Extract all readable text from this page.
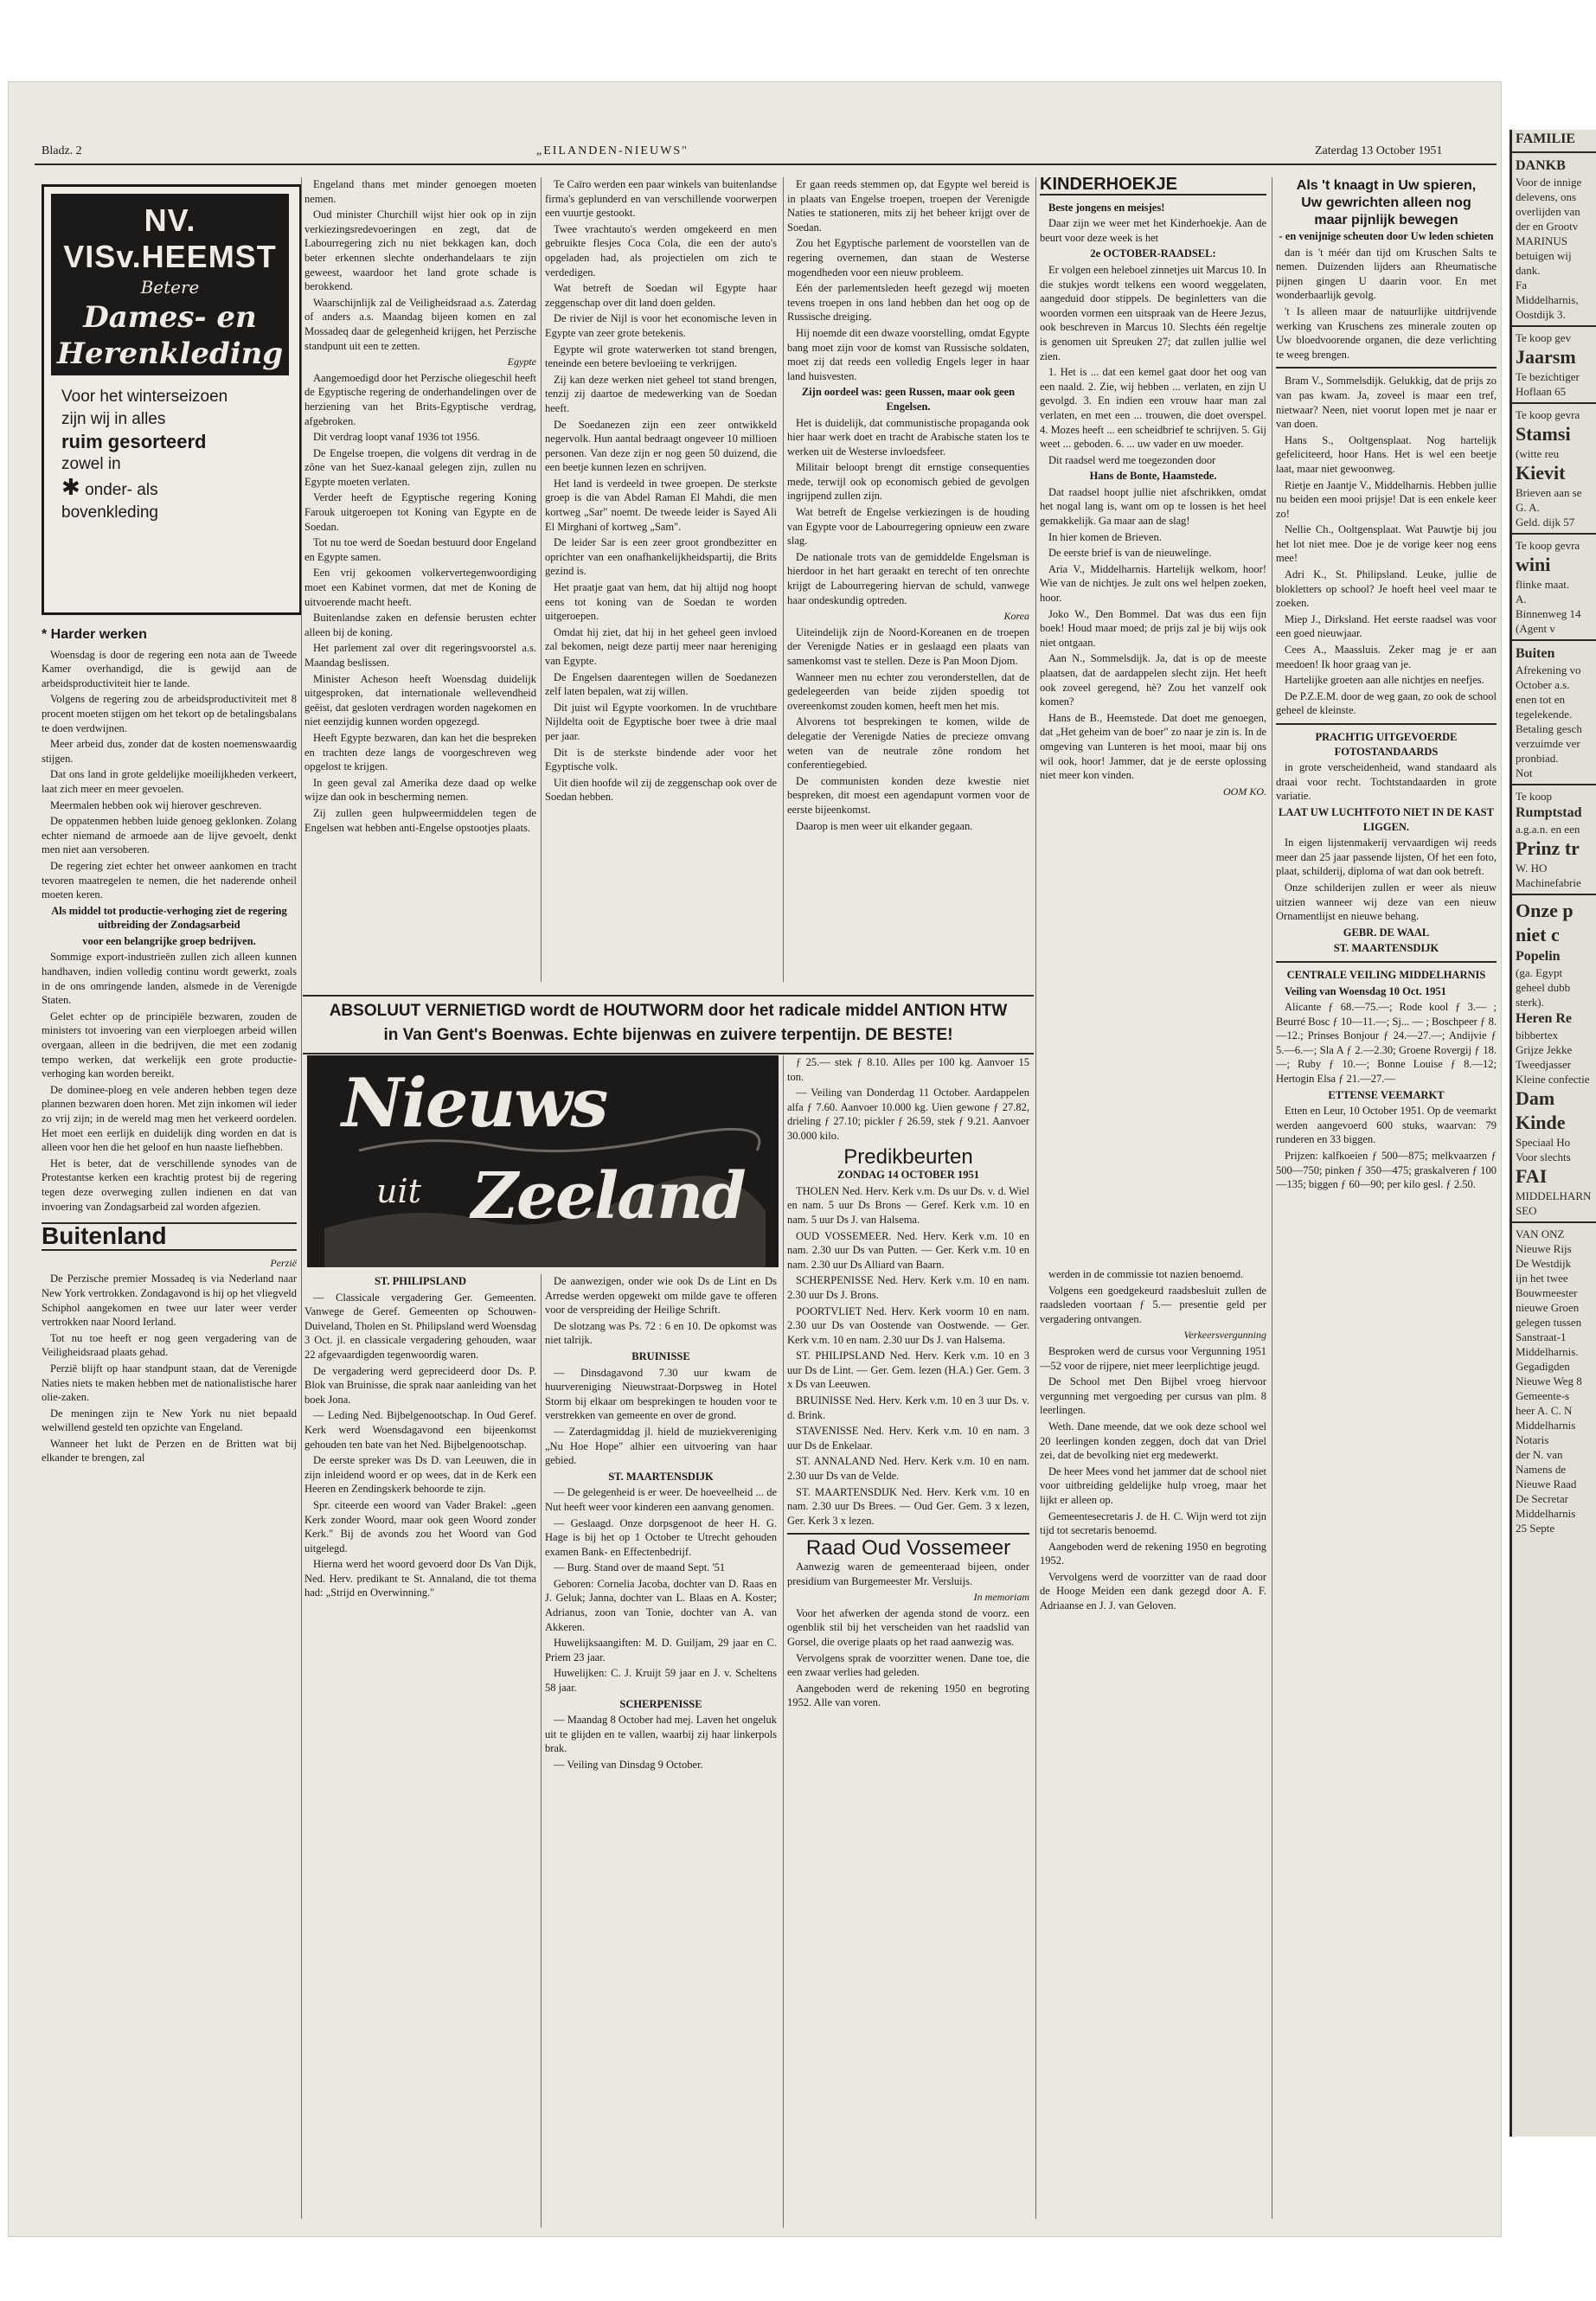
Bladz. 2	„EILANDEN-NIEUWS"	Zaterdag 13 October 1951
NV. VISv.HEEMST
Betere
Dames- en
Herenkleding
MIDDELHARNIS TEL. 74
Voor het winterseizoen
zijn wij in alles
ruim gesorteerd
zowel in
✱ onder- als
bovenkleding
* Harder werken

Woensdag is door de regering een nota aan de Tweede Kamer overhandigd, die is gewijd aan de arbeidsproductiviteit hier te lande.

Volgens de regering zou de arbeidsproductiviteit met 8 procent moeten stijgen om het tekort op de betalingsbalans te doen verdwijnen.

Meer arbeid dus, zonder dat de kosten noemenswaardig stijgen.

Dat ons land in grote geldelijke moeilijkheden verkeert, laat zich meer en meer gevoelen.

Meermalen hebben ook wij hierover geschreven.

De oppatenmen hebben luide genoeg geklonken. Zolang echter niemand de armoede aan de lijve gevoelt, denkt men niet aan versoberen.

De regering ziet echter het onweer aankomen en tracht tevoren maatregelen te nemen, die het naderende onheil moeten keren.

Als middel tot productie-verhoging ziet de regering uitbreiding der Zondagsarbeid

voor een belangrijke groep bedrijven.

Sommige export-industrieën zullen zich alleen kunnen handhaven, indien volledig continu wordt gewerkt, zoals in de ons omringende landen, alsmede in de Verenigde Staten.

Gelet echter op de principiële bezwaren, zouden de ministers tot invoering van een vierploegen arbeid willen overgaan, alleen in die bedrijven, die met een zodanig tempo werken, dat werkelijk een grote productie-verhoging kan worden bereikt.

De dominee-ploeg en vele anderen hebben tegen deze plannen bezwaren doen horen. Met zijn inkomen wil ieder zo vrij zijn; in de wereld mag men het verkeerd oordelen. Het moet een eerlijk en duidelijk ding worden en dat is alleen voor hen die het geloof en hun naaste liefhebben.

Het is beter, dat de verschillende synodes van de Protestantse kerken een krachtig protest bij de regering tegen deze overweging zullen indienen en dat van invoering van Zondagsarbeid zal worden afgezien.

Buitenland
Perzië

De Perzische premier Mossadeq is via Nederland naar New York vertrokken. Zondagavond is hij op het vliegveld Schiphol aangekomen en twee uur later weer verder vertrokken naar Noord Ierland.

Tot nu toe heeft er nog geen vergadering van de Veiligheidsraad plaats gehad.

Perzië blijft op haar standpunt staan, dat de Verenigde Naties niets te maken hebben met de nationalistische harer olie-zaken.

De meningen zijn te New York nu niet bepaald welwillend gesteld ten opzichte van Engeland.

Wanneer het lukt de Perzen en de Britten wat bij elkander te brengen, zal

Engeland thans met minder genoegen moeten nemen.

Oud minister Churchill wijst hier ook op in zijn verkiezingsredevoeringen en zegt, dat de Labourregering zich nu niet bekkagen kan, doch beter erkennen slechte onderhandelaars te zijn geweest, waardoor het land grote schade is berokkend.

Waarschijnlijk zal de Veiligheidsraad a.s. Zaterdag of anders a.s. Maandag bijeen komen en zal Mossadeq daar de gelegenheid krijgen, het Perzische standpunt uit een te zetten.

Egypte

Aangemoedigd door het Perzische oliegeschil heeft de Egyptische regering de onderhandelingen over de herziening van het Brits-Egyptische verdrag, afgebroken.

Dit verdrag loopt vanaf 1936 tot 1956.

De Engelse troepen, die volgens dit verdrag in de zône van het Suez-kanaal gelegen zijn, zullen nu Egypte moeten verlaten.

Verder heeft de Egyptische regering Koning Farouk uitgeroepen tot Koning van Egypte en de Soedan.

Tot nu toe werd de Soedan bestuurd door Engeland en Egypte samen.

Een vrij gekoomen volkervertegenwoordiging moet een Kabinet vormen, dat met de Koning de uitvoerende macht heeft.

Buitenlandse zaken en defensie berusten echter alleen bij de koning.

Het parlement zal over dit regeringsvoorstel a.s. Maandag beslissen.

Minister Acheson heeft Woensdag duidelijk uitgesproken, dat internationale wellevendheid geëist, dat gesloten verdragen worden nagekomen en niet eenzijdig kunnen worden opgezegd.

Heeft Egypte bezwaren, dan kan het die bespreken en trachten deze langs de voorgeschreven weg opgelost te krijgen.

In geen geval zal Amerika deze daad op welke wijze dan ook in bescherming nemen.

Zij zullen geen hulpweermiddelen tegen de Engelsen wat hebben anti-Engelse opstootjes plaats.

Te Caïro werden een paar winkels van buitenlandse firma's geplunderd en van verschillende voorwerpen een vuurtje gestookt.

Twee vrachtauto's werden omgekeerd en men gebruikte flesjes Coca Cola, die een der auto's opgeladen had, als projectielen om zich te verdedigen.

Wat betreft de Soedan wil Egypte haar zeggenschap over dit land doen gelden.

De rivier de Nijl is voor het economische leven in Egypte van zeer grote betekenis.

Egypte wil grote waterwerken tot stand brengen, teneinde een betere bevloeiing te verkrijgen.

Zij kan deze werken niet geheel tot stand brengen, tenzij zij daartoe de medewerking van de Soedan heeft.

De Soedanezen zijn een zeer ontwikkeld negervolk. Hun aantal bedraagt ongeveer 10 millioen personen. Van deze zijn er nog geen 50 duizend, die een beetje kunnen lezen en schrijven.

Het land is verdeeld in twee groepen. De sterkste groep is die van Abdel Raman El Mahdi, die men kortweg „Sar" noemt. De tweede leider is Sayed Ali El Mirghani of kortweg „Sam".

De leider Sar is een zeer groot grondbezitter en oprichter van een onafhankelijkheidspartij, die Brits gezind is.

Het praatje gaat van hem, dat hij altijd nog hoopt eens tot koning van de Soedan te worden uitgeroepen.

Omdat hij ziet, dat hij in het geheel geen invloed zal bekomen, neigt deze partij meer naar hereniging van Egypte.

De Engelsen daarentegen willen de Soedanezen zelf laten bepalen, wat zij willen.

Dit juist wil Egypte voorkomen. In de vruchtbare Nijldelta ooit de Egyptische boer twee à drie maal per jaar.

Dit is de sterkste bindende ader voor het Egyptische volk.

Uit dien hoofde wil zij de zeggenschap ook over de Soedan hebben.

Er gaan reeds stemmen op, dat Egypte wel bereid is in plaats van Engelse troepen, troepen der Verenigde Naties te stationeren, mits zij het beheer krijgt over de Soedan.

Zou het Egyptische parlement de voorstellen van de regering overnemen, dan staan de Westerse mogendheden voor een nieuw probleem.

Eén der parlementsleden heeft gezegd wij moeten tevens troepen in ons land hebben dan het oog op de Russische dreiging.

Hij noemde dit een dwaze voorstelling, omdat Egypte bang moet zijn voor de komst van Russische soldaten, moet zij dat reeds een volledig Engels leger in haar land huisvesten.

Zijn oordeel was: geen Russen, maar ook geen Engelsen.

Het is duidelijk, dat communistische propaganda ook hier haar werk doet en tracht de Arabische staten los te werken uit de Westerse invloedsfeer.

Militair beloopt brengt dit ernstige consequenties mede, terwijl ook op economisch gebied de gevolgen ingrijpend zullen zijn.

Wat betreft de Engelse verkiezingen is de houding van Egypte voor de Labourregering opnieuw een zware slag.

De nationale trots van de gemiddelde Engelsman is hierdoor in het hart geraakt en terecht of ten onrechte krijgt de Labourregering hiervan de schuld, vanwege haar ondeskundig optreden.

Korea

Uiteindelijk zijn de Noord-Koreanen en de troepen der Verenigde Naties er in geslaagd een plaats van samenkomst vast te stellen. Deze is Pan Moon Djom.

Wanneer men nu echter zou veronderstellen, dat de gedelegeerden van beide zijden spoedig tot overeenkomst zouden komen, heeft men het mis.

Alvorens tot besprekingen te komen, wilde de delegatie der Verenigde Naties de precieze omvang weten van de neutrale zône rondom het conferentiegebied.

De communisten konden deze kwestie niet bespreken, dit moest een agendapunt vormen voor de eerste bijeenkomst.

Daarop is men weer uit elkander gegaan.

KINDERHOEKJE

Beste jongens en meisjes!

Daar zijn we weer met het Kinderhoekje. Aan de beurt voor deze week is het

2e OCTOBER-RAADSEL:

Er volgen een heleboel zinnetjes uit Marcus 10. In die stukjes wordt telkens een woord weggelaten, aangeduid door stippels. De beginletters van die woorden vormen een uitspraak van de Heere Jezus, ook beschreven in Marcus 10. Slechts één regeltje is genomen uit Spreuken 27; dat zullen jullie wel zien.

1. Het is ... dat een kemel gaat door het oog van een naald. 2. Zie, wij hebben ... verlaten, en zijn U gevolgd. 3. En indien een vrouw haar man zal verlaten, en met een ... trouwen, die doet overspel. 4. Mozes heeft ... een scheidbrief te schrijven. 5. Gij weet ... geboden. 6. ... uw vader en uw moeder.

Dit raadsel werd me toegezonden door

Hans de Bonte, Haamstede.

Dat raadsel hoopt jullie niet afschrikken, omdat het nogal lang is, want om op te lossen is het heel gemakkelijk. Ga maar aan de slag!

In hier komen de Brieven.

De eerste brief is van de nieuwelinge.

Aria V., Middelharnis. Hartelijk welkom, hoor! Wie van de nichtjes. Je zult ons wel helpen zoeken, hoor.

Joko W., Den Bommel. Dat was dus een fijn boek! Houd maar moed; de prijs zal je bij wijs ook niet ontgaan.

Aan N., Sommelsdijk. Ja, dat is op de meeste plaatsen, dat de aardappelen slecht zijn. Het heeft ook zoveel geregend, hè? Zou het vanzelf ook komen?

Hans de B., Heemstede. Dat doet me genoegen, dat „Het geheim van de boer" zo naar je zin is. In de omgeving van Lunteren is het mooi, maar bij ons wil ook, hoor! Jammer, dat je de eerste oplossing niet meer kon vinden.

OOM KO.
Als 't knaagt in Uw spieren,
Uw gewrichten alleen nog
maar pijnlijk bewegen

- en venijnige scheuten door Uw leden schieten

dan is 't méér dan tijd om Kruschen Salts te nemen. Duizenden lijders aan Rheumatische pijnen gingen U daarin voor. En met wonderbaarlijk gevolg.

't Is alleen maar de natuurlijke uitdrijvende werking van Kruschens zes minerale zouten op Uw bloedvoorende organen, die deze verlichting te weeg brengen.

Bram V., Sommelsdijk. Gelukkig, dat de prijs zo van pas kwam. Ja, zoveel is maar een tref, nietwaar? Neen, niet voorut lopen met je naar er van doen.

Hans S., Ooltgensplaat. Nog hartelijk gefeliciteerd, hoor Hans. Het is wel een beetje laat, maar niet gewoonweg.

Rietje en Jaantje V., Middelharnis. Hebben jullie nu beiden een mooi prijsje! Dat is een enkele keer zo!

Nellie Ch., Ooltgensplaat. Wat Pauwtje bij jou het lot niet mee. Doe je de vorige keer nog eens mee!

Adri K., St. Philipsland. Leuke, jullie de blokletters op school? Je hoeft heel veel maar te zoeken.

Miep J., Dirksland. Het eerste raadsel was voor een goed nieuwjaar.

Cees A., Maassluis. Zeker mag je er aan meedoen! Ik hoor graag van je.

Hartelijke groeten aan alle nichtjes en neefjes.

De P.Z.E.M. door de weg gaan, zo ook de school geheel de kleinste.

PRACHTIG UITGEVOERDE FOTOSTANDAARDS

in grote verscheidenheid, wand standaard als draai voor recht. Tochtstandaarden in grote variatie.

LAAT UW LUCHTFOTO NIET IN DE KAST LIGGEN.

In eigen lijstenmakerij vervaardigen wij reeds meer dan 25 jaar passende lijsten, Of het een foto, plaat, schilderij, diploma of wat dan ook betreft.

Onze schilderijen zullen er weer als nieuw uitzien wanneer wij deze van een nieuw Ornamentlijst en nieuwe behang.

GEBR. DE WAAL

ST. MAARTENSDIJK

CENTRALE VEILING MIDDELHARNIS

Veiling van Woensdag 10 Oct. 1951

Alicante ƒ 68.—75.—; Rode kool ƒ 3.— ; Beurré Bosc ƒ 10—11.—; Sj... — ; Boschpeer ƒ 8.—12.; Prinses Bonjour ƒ 24.—27.—; Andijvie ƒ 5.—6.—; Sla A ƒ 2.—2.30; Groene Rovergij ƒ 18.—; Ruby ƒ 10.—; Bonne Louise ƒ 8.—12; Hertogin Elsa ƒ 21.—27.—

ETTENSE VEEMARKT

Etten en Leur, 10 October 1951. Op de veemarkt werden aangevoerd 600 stuks, waarvan: 79 runderen en 33 biggen.

Prijzen: kalfkoeien ƒ 500—875; melkvaarzen ƒ 500—750; pinken ƒ 350—475; graskalveren ƒ 100—135; biggen ƒ 60—90; per kilo gesl. ƒ 2.50.

ABSOLUUT VERNIETIGD wordt de HOUTWORM door het radicale middel ANTION HTW
in Van Gent's Boenwas. Echte bijenwas en zuivere terpentijn. DE BESTE!
Nieuws
uit Zeeland

ST. PHILIPSLAND

— Classicale vergadering Ger. Gemeenten. Vanwege de Geref. Gemeenten op Schouwen-Duiveland, Tholen en St. Philipsland werd Woensdag 3 Oct. jl. en classicale vergadering gehouden, waar 22 afgevaardigden tegenwoordig waren.

De vergadering werd geprecideerd door Ds. P. Blok van Bruinisse, die sprak naar aanleiding van het boek Jona.

— Leding Ned. Bijbelgenootschap. In Oud Geref. Kerk werd Woensdagavond een bijeenkomst gehouden ten bate van het Ned. Bijbelgenootschap.

De eerste spreker was Ds D. van Leeuwen, die in zijn inleidend woord er op wees, dat in de Kerk een Heeren en Zendingskerk behoorde te zijn.

Spr. citeerde een woord van Vader Brakel: „geen Kerk zonder Woord, maar ook geen Woord zonder Kerk." Bij de avonds zou het Woord van God uitgelegd.

Hierna werd het woord gevoerd door Ds Van Dijk, Ned. Herv. predikant te St. Annaland, die tot thema had: „Strijd en Overwinning."

De aanwezigen, onder wie ook Ds de Lint en Ds Arredse werden opgewekt om milde gave te offeren voor de verspreiding der Heilige Schrift.

De slotzang was Ps. 72 : 6 en 10. De opkomst was niet talrijk.

BRUINISSE

— Dinsdagavond 7.30 uur kwam de huurvereniging Nieuwstraat-Dorpsweg in Hotel Storm bij elkaar om besprekingen te houden voor te verstrekken van gemeente en over de grond.

— Zaterdagmiddag jl. hield de muziekvereniging „Nu Hoe Hope" alhier een uitvoering van haar gebied.

ST. MAARTENSDIJK

— De gelegenheid is er weer. De hoeveelheid ... de Nut heeft weer voor kinderen een aanvang genomen.

— Geslaagd. Onze dorpsgenoot de heer H. G. Hage is bij het op 1 October te Utrecht gehouden examen Bank- en Effectenbedrijf.

— Burg. Stand over de maand Sept. '51

Geboren: Cornelia Jacoba, dochter van D. Raas en J. Geluk; Janna, dochter van L. Blaas en A. Koster; Adrianus, zoon van Tonie, dochter van A. van Akkeren.

Huwelijksaangiften: M. D. Guiljam, 29 jaar en C. Priem 23 jaar.

Huwelijken: C. J. Kruijt 59 jaar en J. v. Scheltens 58 jaar.

SCHERPENISSE

— Maandag 8 October had mej. Laven het ongeluk uit te glijden en te vallen, waarbij zij haar linkerpols brak.

— Veiling van Dinsdag 9 October.

ƒ 25.— stek ƒ 8.10. Alles per 100 kg. Aanvoer 15 ton.

— Veiling van Donderdag 11 October. Aardappelen alfa ƒ 7.60. Aanvoer 10.000 kg. Uien gewone ƒ 27.82, drieling ƒ 27.10; pickler ƒ 26.59, stek ƒ 9.21. Aanvoer 30.000 kilo.

Predikbeurten

ZONDAG 14 OCTOBER 1951

THOLEN Ned. Herv. Kerk v.m. Ds uur Ds. v. d. Wiel en nam. 5 uur Ds Brons — Geref. Kerk v.m. 10 en nam. 5 uur Ds J. van Halsema.

OUD VOSSEMEER. Ned. Herv. Kerk v.m. 10 en nam. 2.30 uur Ds van Putten. — Ger. Kerk v.m. 10 en nam. 2.30 uur Ds Alliard van Baarn.

SCHERPENISSE Ned. Herv. Kerk v.m. 10 en nam. 2.30 uur Ds J. Brons.

POORTVLIET Ned. Herv. Kerk voorm 10 en nam. 2.30 uur Ds van Oostende van Oostwende. — Ger. Kerk v.m. 10 en nam. 2.30 uur Ds J. van Halsema.

ST. PHILIPSLAND Ned. Herv. Kerk v.m. 10 en 3 uur Ds de Lint. — Ger. Gem. lezen (H.A.) Ger. Gem. 3 x Ds van Leeuwen.

BRUINISSE Ned. Herv. Kerk v.m. 10 en 3 uur Ds. v. d. Brink.

STAVENISSE Ned. Herv. Kerk v.m. 10 en nam. 3 uur Ds de Enkelaar.

ST. ANNALAND Ned. Herv. Kerk v.m. 10 en nam. 2.30 uur Ds van de Velde.

ST. MAARTENSDIJK Ned. Herv. Kerk v.m. 10 en nam. 2.30 uur Ds Brees. — Oud Ger. Gem. 3 x lezen, Ger. Kerk 3 x lezen.

Raad Oud Vossemeer

Aanwezig waren de gemeenteraad bijeen, onder presidium van Burgemeester Mr. Versluijs.

In memoriam

Voor het afwerken der agenda stond de voorz. een ogenblik stil bij het verscheiden van het raadslid van Gorsel, die overige plaats op het raad aanwezig was.

Vervolgens sprak de voorzitter wenen. Dane toe, die een zwaar verlies had geleden.

Aangeboden werd de rekening 1950 en begroting 1952. Alle van voren.

werden in de commissie tot nazien benoemd.

Volgens een goedgekeurd raadsbesluit zullen de raadsleden voortaan ƒ 5.— presentie geld per vergadering ontvangen.

Verkeersvergunning

Besproken werd de cursus voor Vergunning 1951—52 voor de rijpere, niet meer leerplichtige jeugd.

De School met Den Bijbel vroeg hiervoor vergunning met vergoeding per cursus van plm. 8 leerlingen.

Weth. Dane meende, dat we ook deze school wel 20 leerlingen konden zeggen, doch dat van Driel zei, dat de bevolking niet erg medewerkt.

De heer Mees vond het jammer dat de school niet voor uitbreiding geldelijke hulp vroeg, maar het lijkt er alleen op.

Gemeentesecretaris J. de H. C. Wijn werd tot zijn tijd tot secretaris benoemd.

Aangeboden werd de rekening 1950 en begroting 1952.

Vervolgens werd de voorzitter van de raad door de Hooge Meiden een dank gezegd door A. F. Adriaanse en J. J. van Geloven.

FAMILIE
DANKB
Voor de innige
delevens, ons
overlijden van
der en Grootv
MARINUS
betuigen wij
dank.
Fa
Middelharnis,
Oostdijk 3.
Te koop gev
Jaarsm
Te bezichtiger
Hoflaan 65
Te koop gevra
Stamsi
(witte reu
Kievit
Brieven aan se
G. A.
Geld. dijk 57
Te koop gevra
wini
flinke maat.
A.
Binnenweg 14
(Agent v
Buiten
Afrekening vo
October a.s.
enen tot en
tegelekende.
Betaling gesch
verzuimde ver
pronbiad.
Not
Te koop
Rumptstad
a.g.a.n. en een
Prinz tr
W. HO
Machinefabrie
Onze p
niet c
Popelin
(ga. Egypt
geheel dubb
sterk).
Heren Re
bibbertex
Grijze Jekke
Tweedjasser
Kleine confectie
Dam
Kinde
Speciaal Ho
Voor slechts
FAI
MIDDELHARN
SEO
VAN ONZ
Nieuwe Rijs
De Westdijk
ijn het twee
Bouwmeester
nieuwe Groen
gelegen tussen
Sanstraat-1
Middelharnis.
Gegadigden
Nieuwe Weg 8
Gemeente-s
heer A. C. N
Middelharnis
Notaris
der N. van
Namens de
Nieuwe Raad
De Secretar
Middelharnis
25 Septe
